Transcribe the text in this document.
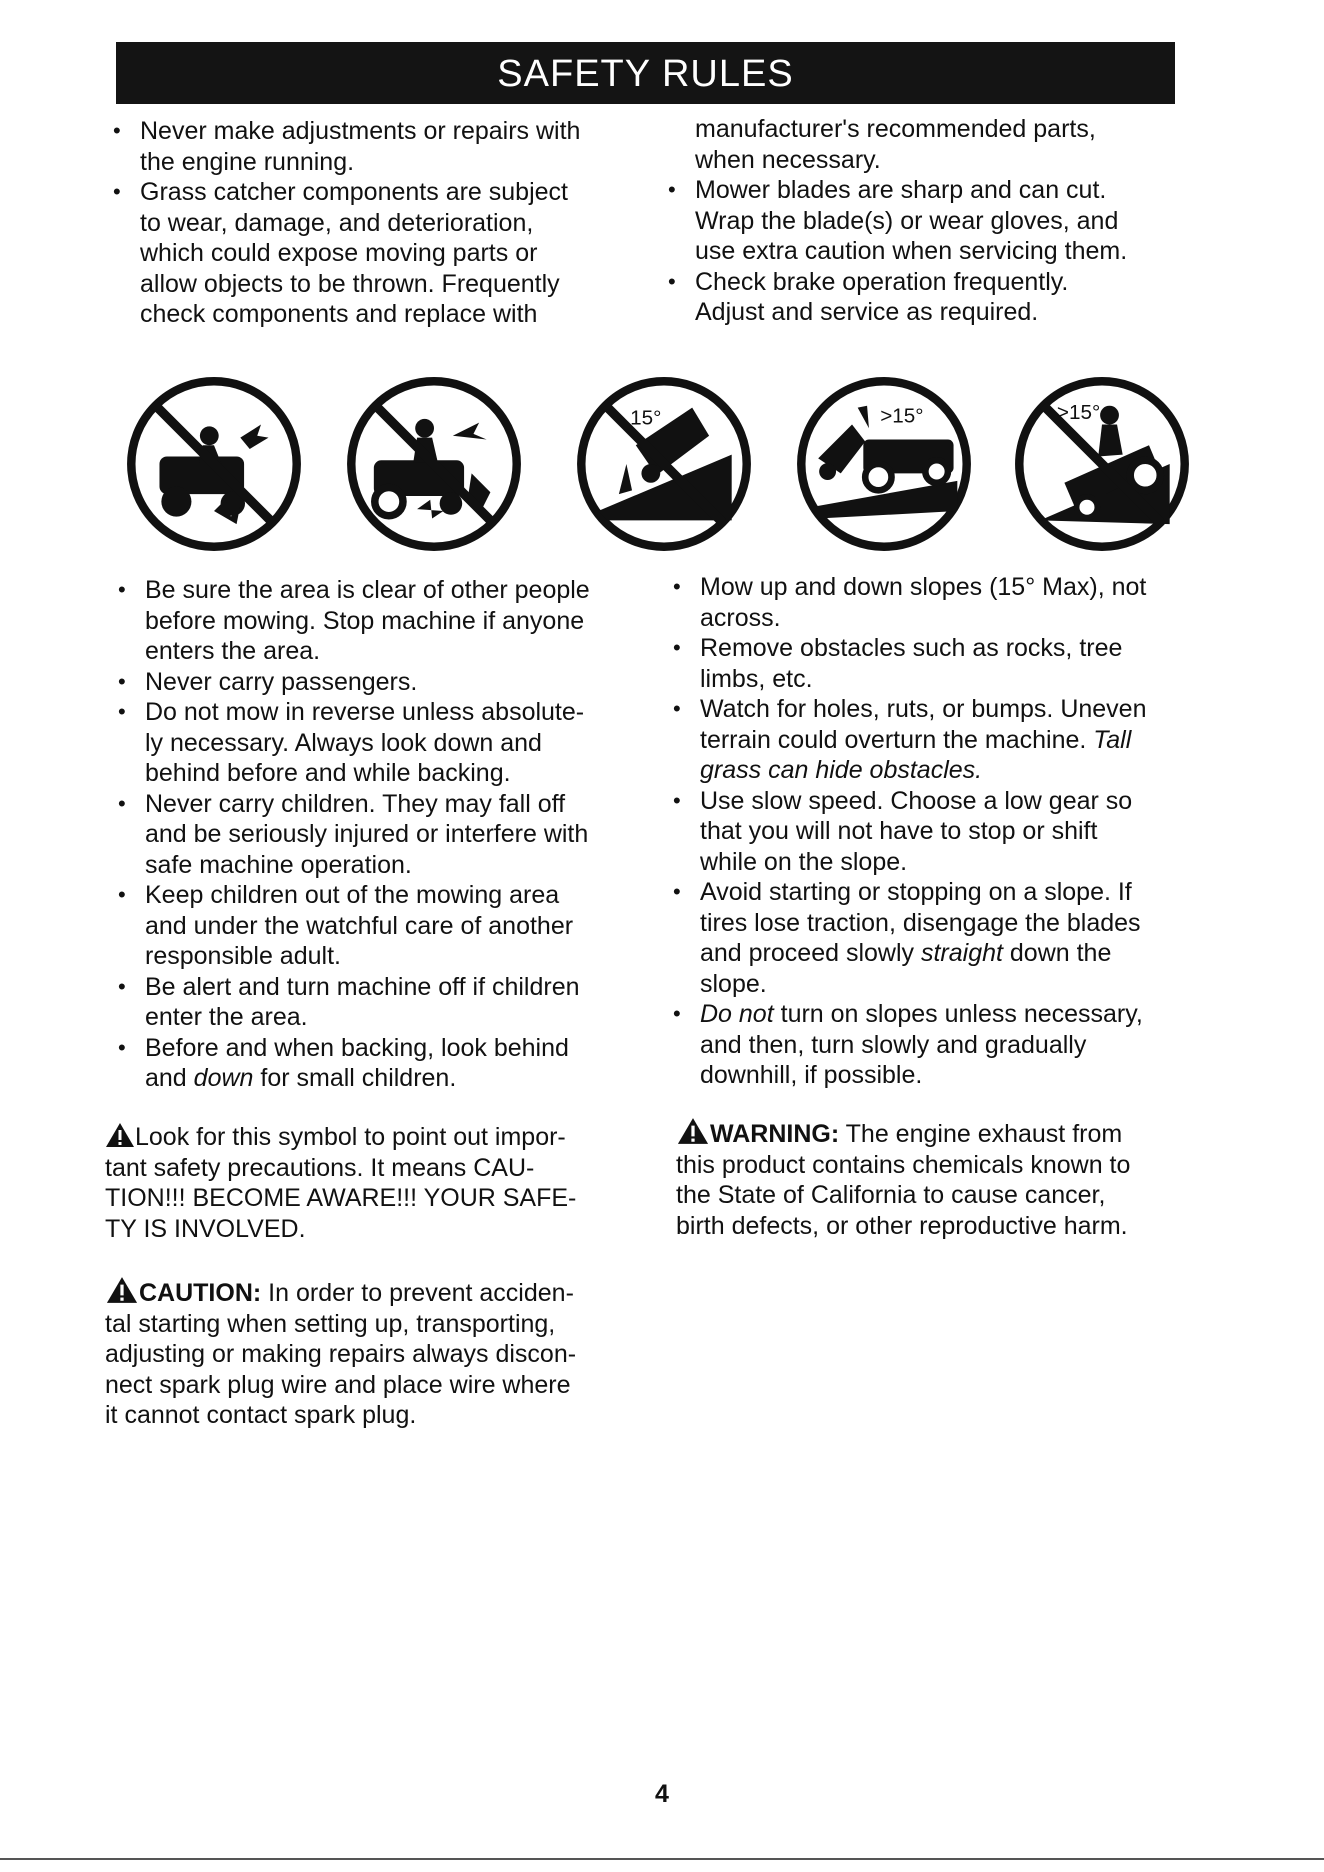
SAFETY RULES
• Never make adjustments or repairs with
the engine running.
• Grass catcher components are subject
to wear, damage, and deterioration,
which could expose moving parts or
allow objects to be thrown. Frequently
check components and replace with
manufacturer's recommended parts,
when necessary.
• Mower blades are sharp and can cut.
Wrap the blade(s) or wear gloves, and
use extra caution when servicing them.
• Check brake operation frequently.
Adjust and service as required.
15°	>15°	>15°
• Be sure the area is clear of other people
before mowing. Stop machine if anyone
enters the area.
• Never carry passengers.
• Do not mow in reverse unless absolute-
ly necessary. Always look down and
behind before and while backing.
• Never carry children. They may fall off
and be seriously injured or interfere with
safe machine operation.
• Keep children out of the mowing area
and under the watchful care of another
responsible adult.
• Be alert and turn machine off if children
enter the area.
• Before and when backing, look behind
and down for small children.
• Mow up and down slopes (15° Max), not
across.
• Remove obstacles such as rocks, tree
limbs, etc.
• Watch for holes, ruts, or bumps. Uneven
terrain could overturn the machine. Tall
grass can hide obstacles.
• Use slow speed. Choose a low gear so
that you will not have to stop or shift
while on the slope.
• Avoid starting or stopping on a slope. If
tires lose traction, disengage the blades
and proceed slowly straight down the
slope.
• Do not turn on slopes unless necessary,
and then, turn slowly and gradually
downhill, if possible.
Look for this symbol to point out impor-
tant safety precautions. It means CAU-
TION!!! BECOME AWARE!!! YOUR SAFE-
TY IS INVOLVED.
CAUTION: In order to prevent acciden-
tal starting when setting up, transporting,
adjusting or making repairs always discon-
nect spark plug wire and place wire where
it cannot contact spark plug.
WARNING: The engine exhaust from
this product contains chemicals known to
the State of California to cause cancer,
birth defects, or other reproductive harm.
4
